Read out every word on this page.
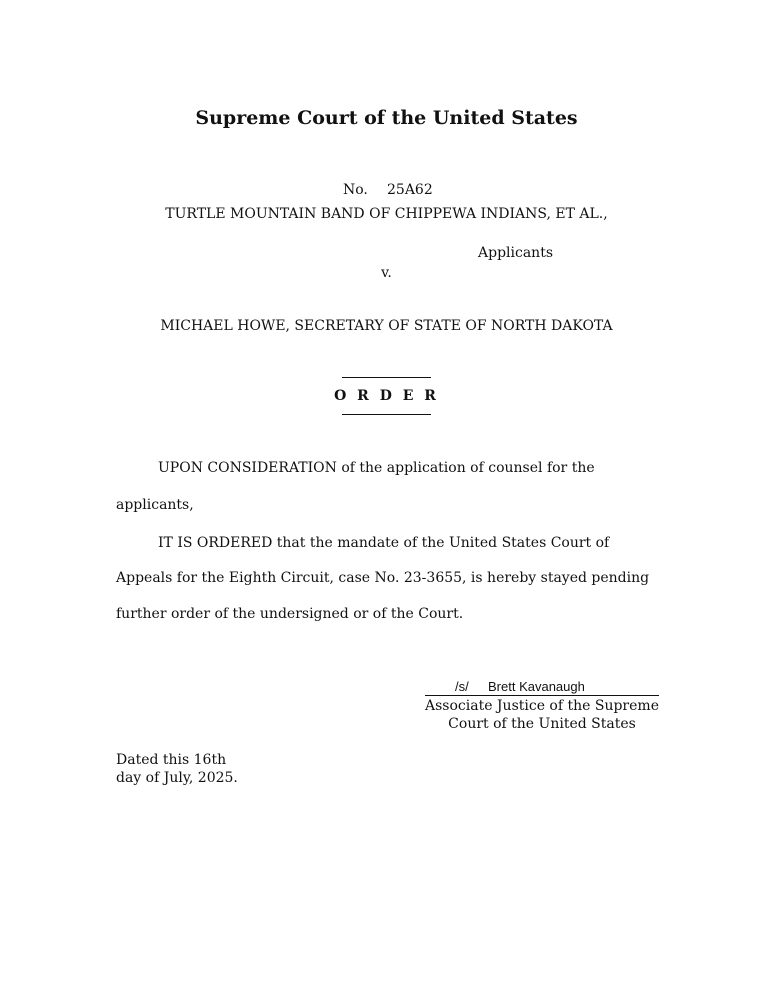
Supreme Court of the United States
No. 25A62
TURTLE MOUNTAIN BAND OF CHIPPEWA INDIANS, ET AL.,
Applicants
v.
MICHAEL HOWE, SECRETARY OF STATE OF NORTH DAKOTA
O R D E R
UPON CONSIDERATION of the application of counsel for the
applicants,
IT IS ORDERED that the mandate of the United States Court of
Appeals for the Eighth Circuit, case No. 23-3655, is hereby stayed pending
further order of the undersigned or of the Court.
/s/ Brett Kavanaugh
Associate Justice of the Supreme
Court of the United States
Dated this 16th
day of July, 2025.
